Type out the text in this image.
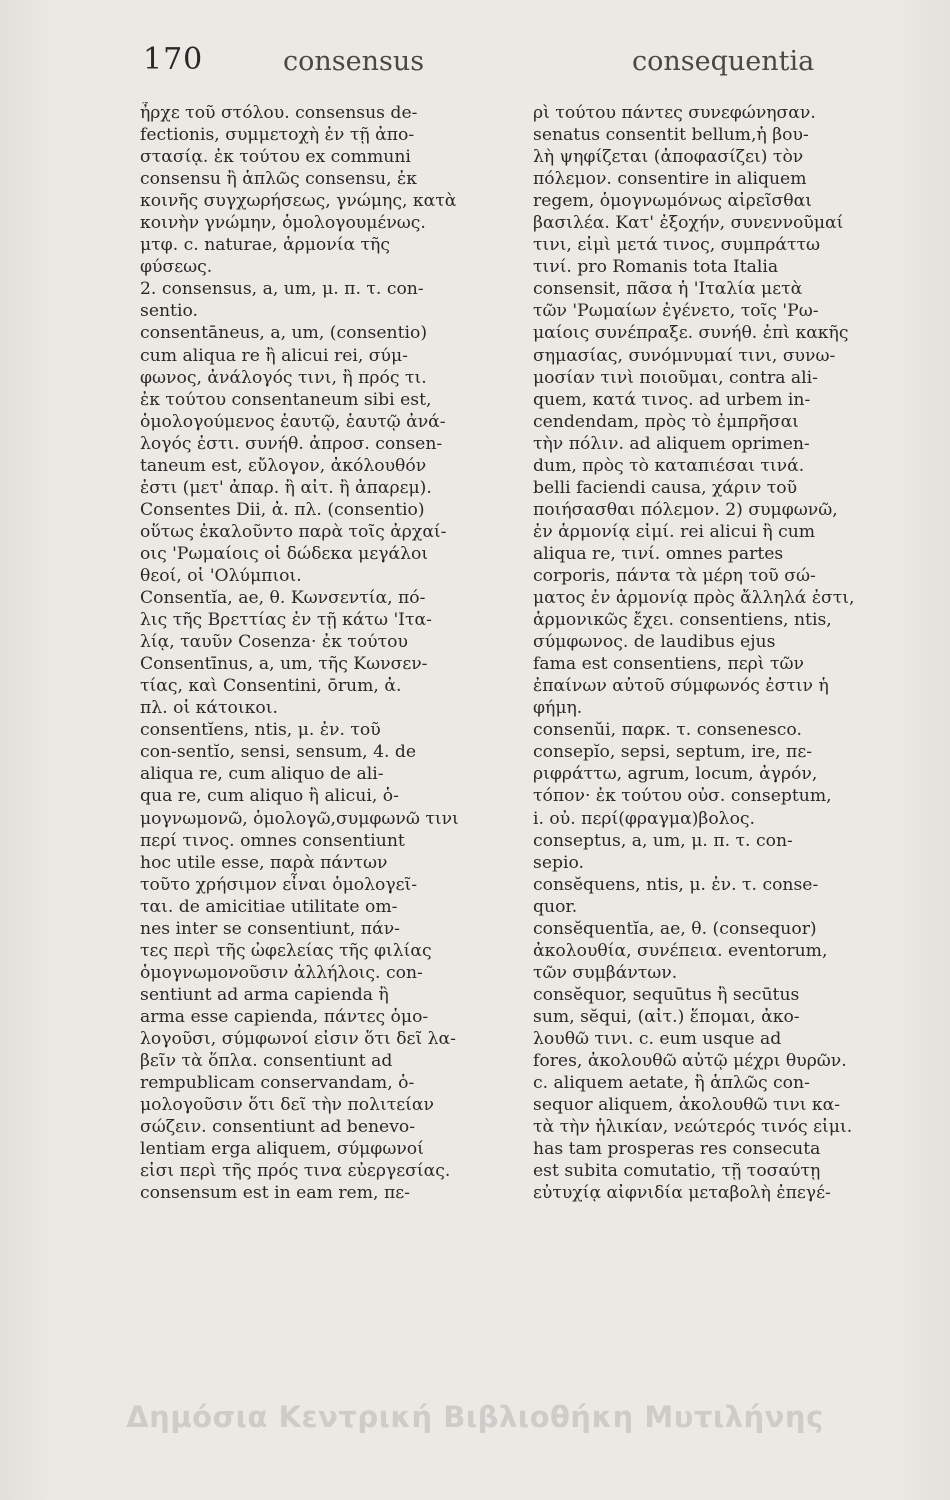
170	consensus	consequentia
ἦρχε τοῦ στόλου. consensus de-
fectionis, συμμετοχὴ ἐν τῇ ἀπο-
στασίᾳ. ἐκ τούτου ex communi
consensu ἢ ἁπλῶς consensu, ἐκ
κοινῆς συγχωρήσεως, γνώμης, κατὰ
κοινὴν γνώμην, ὁμολογουμένως.
μτφ. c. naturae, ἁρμονία τῆς
φύσεως.
2. consensus, a, um, μ. π. τ. con-
sentio.
consentāneus, a, um, (consentio)
cum aliqua re ἢ alicui rei, σύμ-
φωνος, ἀνάλογός τινι, ἢ πρός τι.
ἐκ τούτου consentaneum sibi est,
ὁμολογούμενος ἑαυτῷ, ἑαυτῷ ἀνά-
λογός ἐστι. συνήθ. ἀπροσ. consen-
taneum est, εὔλογον, ἀκόλουθόν
ἐστι (μετ' ἀπαρ. ἢ αἰτ. ἢ ἀπαρεμ).
Consentes Dii, ἀ. πλ. (consentio)
οὕτως ἐκαλοῦντο παρὰ τοῖς ἀρχαί-
οις 'Ρωμαίοις οἱ δώδεκα μεγάλοι
θεοί, οἱ 'Ολύμπιοι.
Consentĭa, ae, θ. Κωνσεντία, πό-
λις τῆς Βρεττίας ἐν τῇ κάτω 'Ιτα-
λίᾳ, ταυῦν Cosenza· ἐκ τούτου
Consentīnus, a, um, τῆς Κωνσεν-
τίας, καὶ Consentini, ōrum, ἀ.
πλ. οἱ κάτοικοι.
consentĭens, ntis, μ. ἐν. τοῦ
con-sentĭo, sensi, sensum, 4. de
aliqua re, cum aliquo de ali-
qua re, cum aliquo ἢ alicui, ὁ-
μογνωμονῶ, ὁμολογῶ,συμφωνῶ τινι
περί τινος. omnes consentiunt
hoc utile esse, παρὰ πάντων
τοῦτο χρήσιμον εἶναι ὁμολογεῖ-
ται. de amicitiae utilitate om-
nes inter se consentiunt, πάν-
τες περὶ τῆς ὠφελείας τῆς φιλίας
ὁμογνωμονοῦσιν ἀλλήλοις. con-
sentiunt ad arma capienda ἢ
arma esse capienda, πάντες ὁμο-
λογοῦσι, σύμφωνοί εἰσιν ὅτι δεῖ λα-
βεῖν τὰ ὅπλα. consentiunt ad
rempublicam conservandam, ὁ-
μολογοῦσιν ὅτι δεῖ τὴν πολιτείαν
σώζειν. consentiunt ad benevo-
lentiam erga aliquem, σύμφωνοί
εἰσι περὶ τῆς πρός τινα εὐεργεσίας.
consensum est in eam rem, πε-
ρὶ τούτου πάντες συνεφώνησαν.
senatus consentit bellum,ἡ βου-
λὴ ψηφίζεται (ἀποφασίζει) τὸν
πόλεμον. consentire in aliquem
regem, ὁμογνωμόνως αἱρεῖσθαι
βασιλέα. Κατ' ἐξοχήν, συνεννοῦμαί
τινι, εἰμὶ μετά τινος, συμπράττω
τινί. pro Romanis tota Italia
consensit, πᾶσα ἡ 'Ιταλία μετὰ
τῶν 'Ρωμαίων ἐγένετο, τοῖς 'Ρω-
μαίοις συνέπραξε. συνήθ. ἐπὶ κακῆς
σημασίας, συνόμνυμαί τινι, συνω-
μοσίαν τινὶ ποιοῦμαι, contra ali-
quem, κατά τινος. ad urbem in-
cendendam, πρὸς τὸ ἐμπρῆσαι
τὴν πόλιν. ad aliquem oprimen-
dum, πρὸς τὸ καταπιέσαι τινά.
belli faciendi causa, χάριν τοῦ
ποιήσασθαι πόλεμον. 2) συμφωνῶ,
ἐν ἁρμονίᾳ εἰμί. rei alicui ἢ cum
aliqua re, τινί. omnes partes
corporis, πάντα τὰ μέρη τοῦ σώ-
ματος ἐν ἁρμονίᾳ πρὸς ἄλληλά ἐστι,
ἁρμονικῶς ἔχει. consentiens, ntis,
σύμφωνος. de laudibus ejus
fama est consentiens, περὶ τῶν
ἐπαίνων αὐτοῦ σύμφωνός ἐστιν ἡ
φήμη.
consenŭi, παρκ. τ. consenesco.
consepĭo, sepsi, septum, ire, πε-
ριφράττω, agrum, locum, ἀγρόν,
τόπον· ἐκ τούτου οὐσ. conseptum,
i. οὐ. περί(φραγμα)βολος.
conseptus, a, um, μ. π. τ. con-
sepio.
consĕquens, ntis, μ. ἐν. τ. conse-
quor.
consĕquentĭa, ae, θ. (consequor)
ἀκολουθία, συνέπεια. eventorum,
τῶν συμβάντων.
consĕquor, sequūtus ἢ secūtus
sum, sĕqui, (αἰτ.) ἕπομαι, ἀκο-
λουθῶ τινι. c. eum usque ad
fores, ἀκολουθῶ αὐτῷ μέχρι θυρῶν.
c. aliquem aetate, ἢ ἁπλῶς con-
sequor aliquem, ἀκολουθῶ τινι κα-
τὰ τὴν ἡλικίαν, νεώτερός τινός εἰμι.
has tam prosperas res consecuta
est subita comutatio, τῇ τοσαύτῃ
εὐτυχίᾳ αἰφνιδία μεταβολὴ ἐπεγέ-
Δημόσια Κεντρική Βιβλιοθήκη Μυτιλήνης
